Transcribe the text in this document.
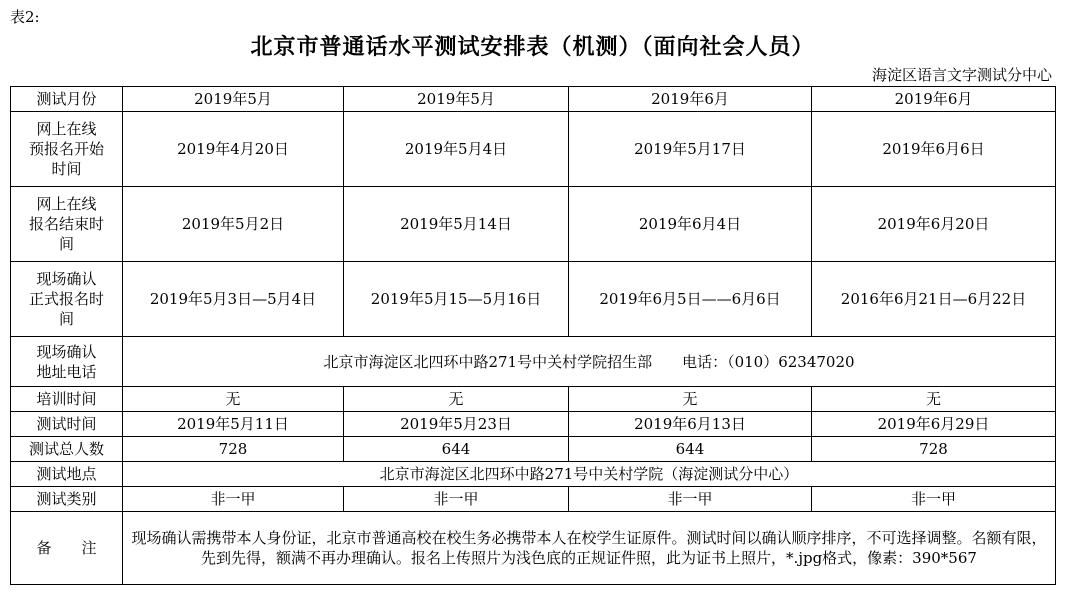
表2:
北京市普通话水平测试安排表（机测）（面向社会人员）
海淀区语言文字测试分中心
测试月份	2019年5月	2019年5月	2019年6月	2019年6月

网上在线
预报名开始
时间	2019年4月20日	2019年5月4日	2019年5月17日	2019年6月6日

网上在线
报名结束时
间	2019年5月2日	2019年5月14日	2019年6月4日	2019年6月20日

现场确认
正式报名时
间	2019年5月3日—5月4日	2019年5月15—5月16日	2019年6月5日——6月6日	2016年6月21日—6月22日

现场确认
地址电话	北京市海淀区北四环中路271号中关村学院招生部　　电话：（010）62347020			
培训时间	无	无	无	无
测试时间	2019年5月11日	2019年5月23日	2019年6月13日	2019年6月29日
测试总人数	728	644	644	728
测试地点	北京市海淀区北四环中路271号中关村学院（海淀测试分中心）			
测试类别	非一甲	非一甲	非一甲	非一甲
备　　注	现场确认需携带本人身份证，北京市普通高校在校生务必携带本人在校学生证原件。测试时间以确认顺序排序，不可选择调整。名额有限，先到先得，额满不再办理确认。报名上传照片为浅色底的正规证件照，此为证书上照片，*.jpg格式，像素：390*567			
